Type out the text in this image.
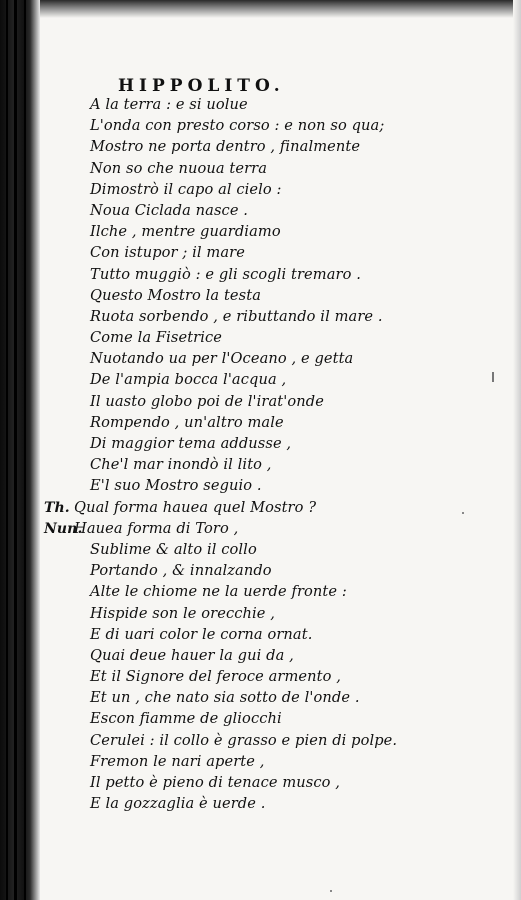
HIPPOLITO.
A la terra : e si uolue
L'onda con presto corso : e non so qua;
Mostro ne porta dentro , finalmente
Non so che nuoua terra
Dimostrò il capo al cielo :
Noua Ciclada nasce .
Ilche , mentre guardiamo
Con istupor ; il mare
Tutto muggiò : e gli scogli tremaro .
Questo Mostro la testa
Ruota sorbendo , e ributtando il mare .
Come la Fisetrice
Nuotando ua per l'Oceano , e getta
De l'ampia bocca l'acqua ,
Il uasto globo poi de l'irat'onde
Rompendo , un'altro male
Di maggior tema addusse ,
Che'l mar inondò il lito ,
E'l suo Mostro seguio .
Th. Qual forma hauea quel Mostro ?
Nun.Hauea forma di Toro ,
Sublime & alto il collo
Portando , & innalzando
Alte le chiome ne la uerde fronte :
Hispide son le orecchie ,
E di uari color le corna ornat.
Quai deue hauer la gui da ,
Et il Signore del feroce armento ,
Et un , che nato sia sotto de l'onde .
Escon fiamme de gliocchi
Cerulei : il collo è grasso e pien di polpe.
Fremon le nari aperte ,
Il petto è pieno di tenace musco ,
E la gozzaglia è uerde .
